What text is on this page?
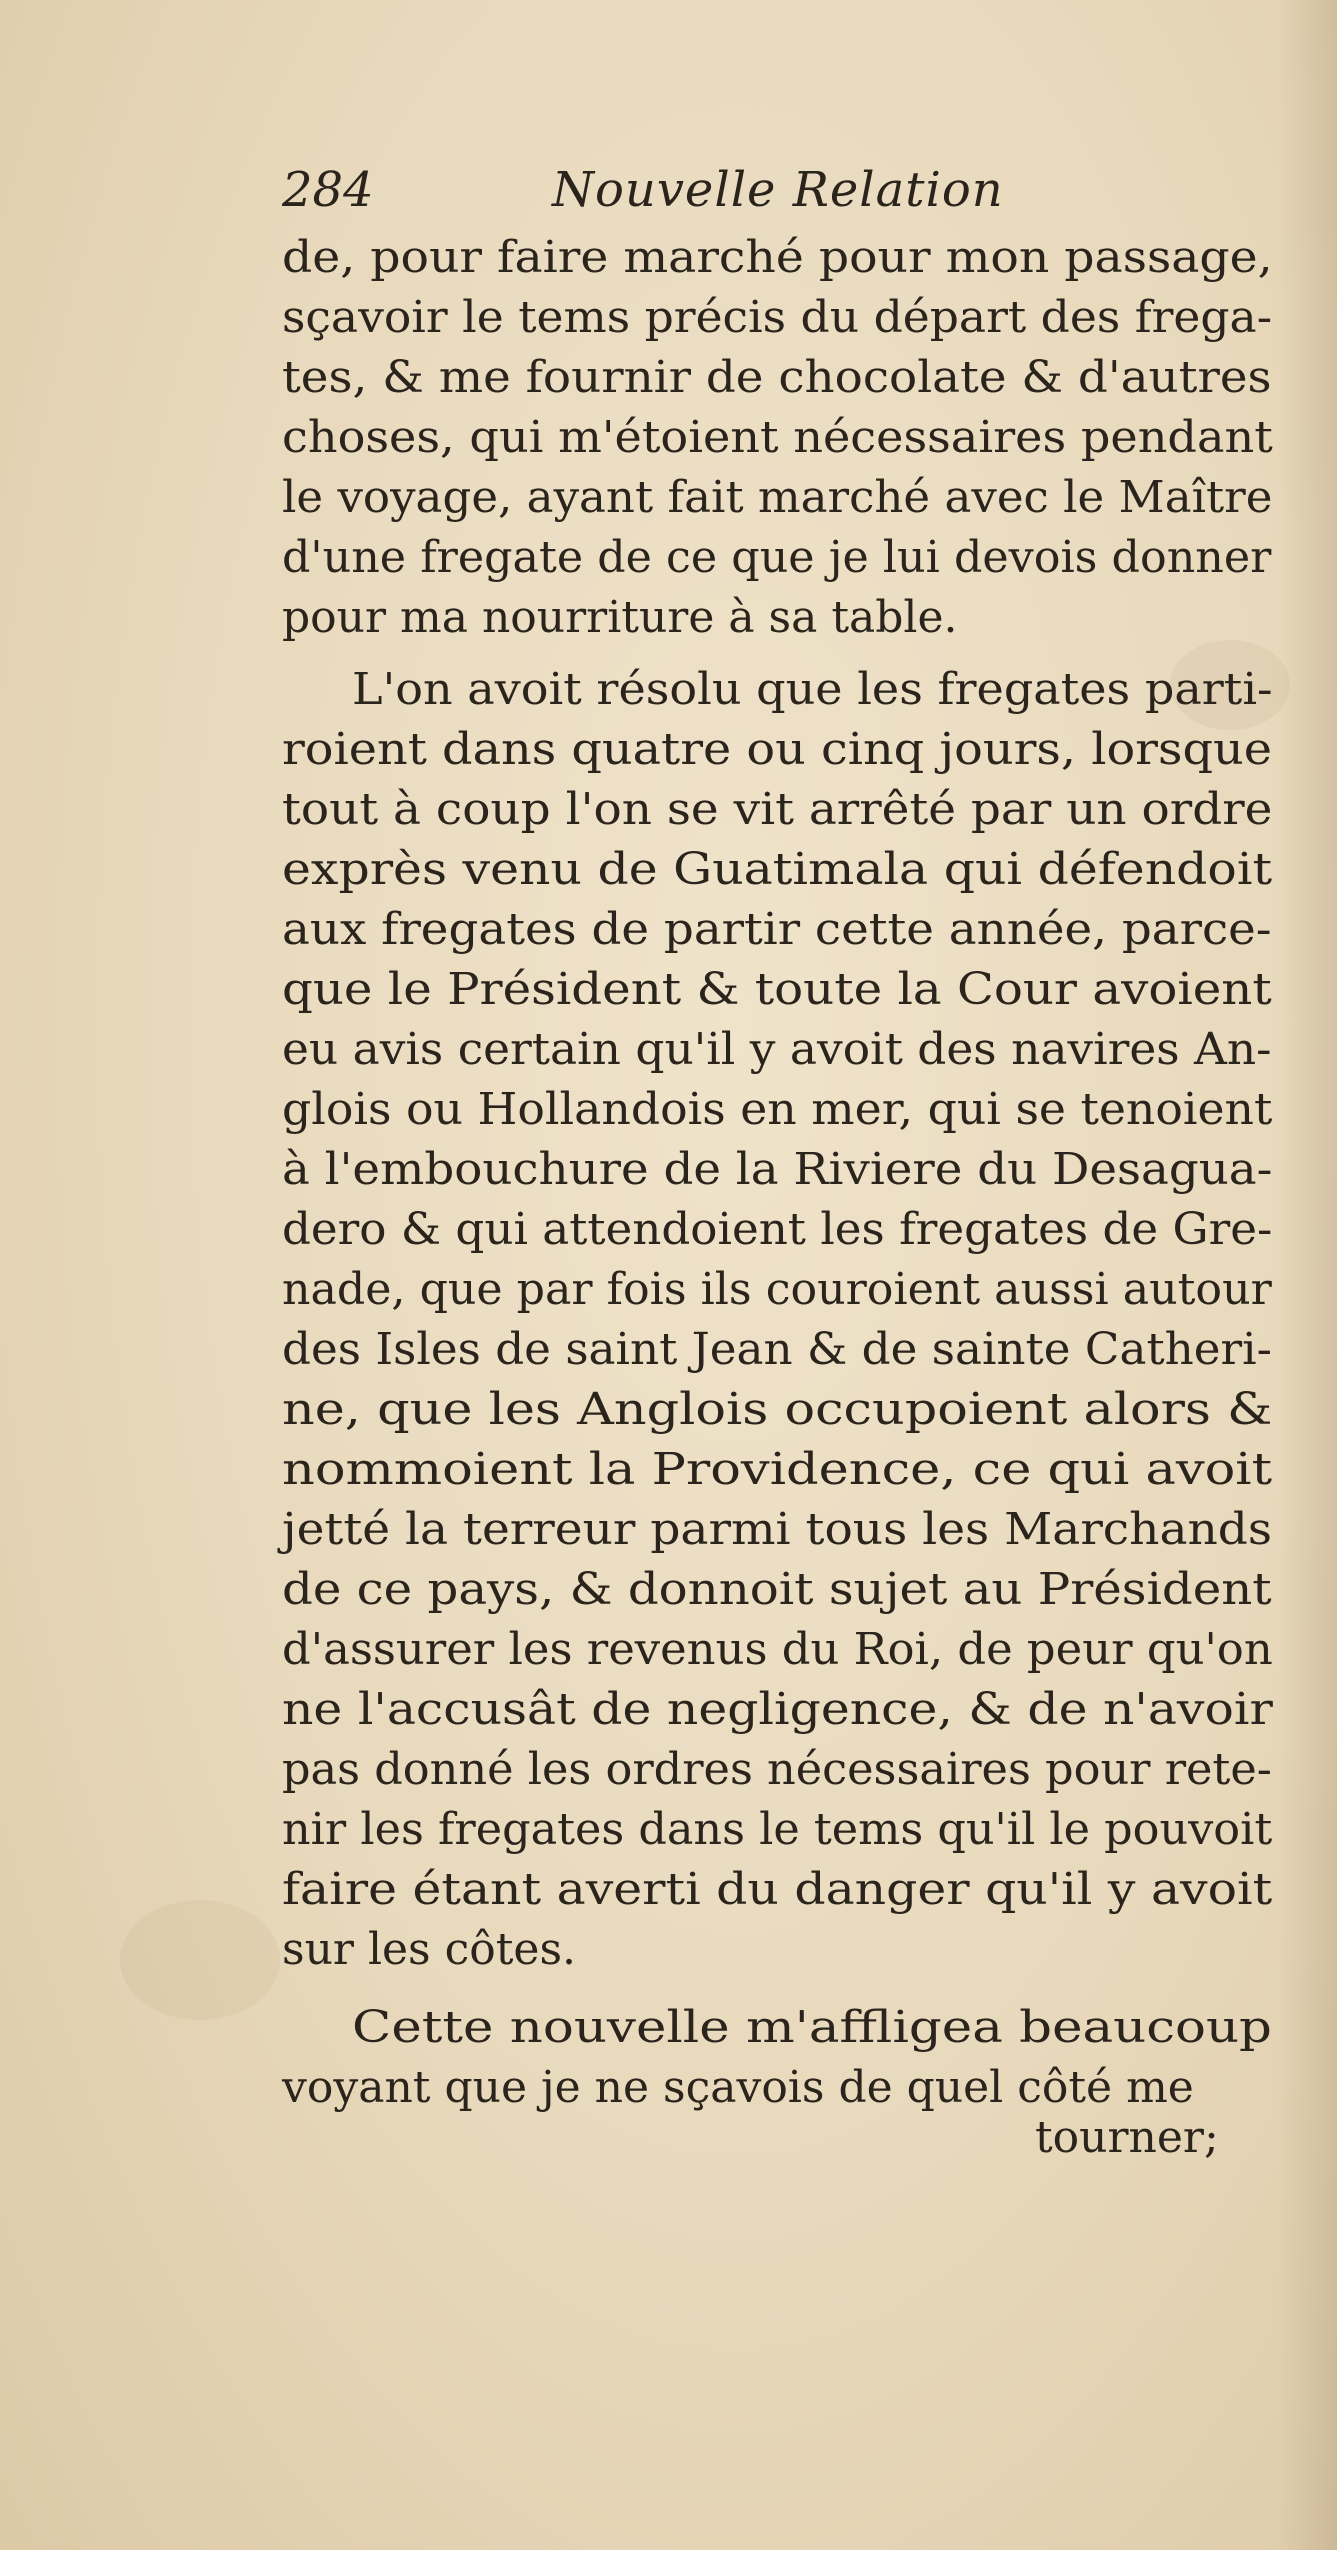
284	Nouvelle Relation
de, pour faire marché pour mon passage,
sçavoir le tems précis du départ des frega-
tes, & me fournir de chocolate & d'autres
choses, qui m'étoient nécessaires pendant
le voyage, ayant fait marché avec le Maître
d'une fregate de ce que je lui devois donner
pour ma nourriture à sa table.
L'on avoit résolu que les fregates parti-
roient dans quatre ou cinq jours, lorsque
tout à coup l'on se vit arrêté par un ordre
exprès venu de Guatimala qui défendoit
aux fregates de partir cette année, parce-
que le Président & toute la Cour avoient
eu avis certain qu'il y avoit des navires An-
glois ou Hollandois en mer, qui se tenoient
à l'embouchure de la Riviere du Desagua-
dero & qui attendoient les fregates de Gre-
nade, que par fois ils couroient aussi autour
des Isles de saint Jean & de sainte Catheri-
ne, que les Anglois occupoient alors &
nommoient la Providence, ce qui avoit
jetté la terreur parmi tous les Marchands
de ce pays, & donnoit sujet au Président
d'assurer les revenus du Roi, de peur qu'on
ne l'accusât de negligence, & de n'avoir
pas donné les ordres nécessaires pour rete-
nir les fregates dans le tems qu'il le pouvoit
faire étant averti du danger qu'il y avoit
sur les côtes.
Cette nouvelle m'affligea beaucoup
voyant que je ne sçavois de quel côté me
tourner;
